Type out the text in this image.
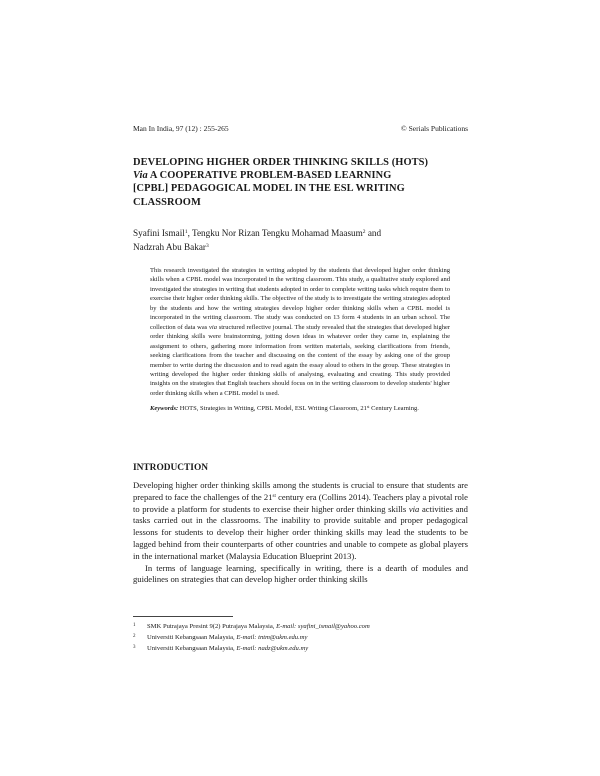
Man In India, 97 (12) : 255-265	© Serials Publications
DEVELOPING HIGHER ORDER THINKING SKILLS (HOTS)
Via A COOPERATIVE PROBLEM-BASED LEARNING
[CPBL] PEDAGOGICAL MODEL IN THE ESL WRITING
CLASSROOM
Syafini Ismail$^1$, Tengku Nor Rizan Tengku Mohamad Maasum$^2$ and
Nadzrah Abu Bakar$^3$

This research investigated the strategies in writing adopted by the students that developed higher order thinking skills when a CPBL model was incorporated in the writing classroom. This study, a qualitative study explored and investigated the strategies in writing that students adopted in order to complete writing tasks which require them to exercise their higher order thinking skills. The objective of the study is to investigate the writing strategies adopted by the students and how the writing strategies develop higher order thinking skills when a CPBL model is incorporated in the writing classroom. The study was conducted on 13 form 4 students in an urban school. The collection of data was via structured reflective journal. The study revealed that the strategies that developed higher order thinking skills were brainstorming, jotting down ideas in whatever order they came in, explaining the assignment to others, gathering more information from written materials, seeking clarifications from friends, seeking clarifications from the teacher and discussing on the content of the essay by asking one of the group member to write during the discussion and to read again the essay aloud to others in the group. These strategies in writing developed the higher order thinking skills of analysing, evaluating and creating. This study provided insights on the strategies that English teachers should focus on in the writing classroom to develop students' higher order thinking skills when a CPBL model is used.

Keywords: HOTS, Strategies in Writing, CPBL Model, ESL Writing Classroom, 21st Century Learning.

INTRODUCTION

Developing higher order thinking skills among the students is crucial to ensure that students are prepared to face the challenges of the 21st century era (Collins 2014). Teachers play a pivotal role to provide a platform for students to exercise their higher order thinking skills via activities and tasks carried out in the classrooms. The inability to provide suitable and proper pedagogical lessons for students to develop their higher order thinking skills may lead the students to be lagged behind from their counterparts of other countries and unable to compete as global players in the international market (Malaysia Education Blueprint 2013).

In terms of language learning, specifically in writing, there is a dearth of modules and guidelines on strategies that can develop higher order thinking skills

1 SMK Putrajaya Presint 9(2) Putrajaya Malaysia, E-mail: syafini_ismail@yahoo.com
2 Universiti Kebangsaan Malaysia, E-mail: tntm@ukm.edu.my
3 Universiti Kebangsaan Malaysia, E-mail: nadz@ukm.edu.my
